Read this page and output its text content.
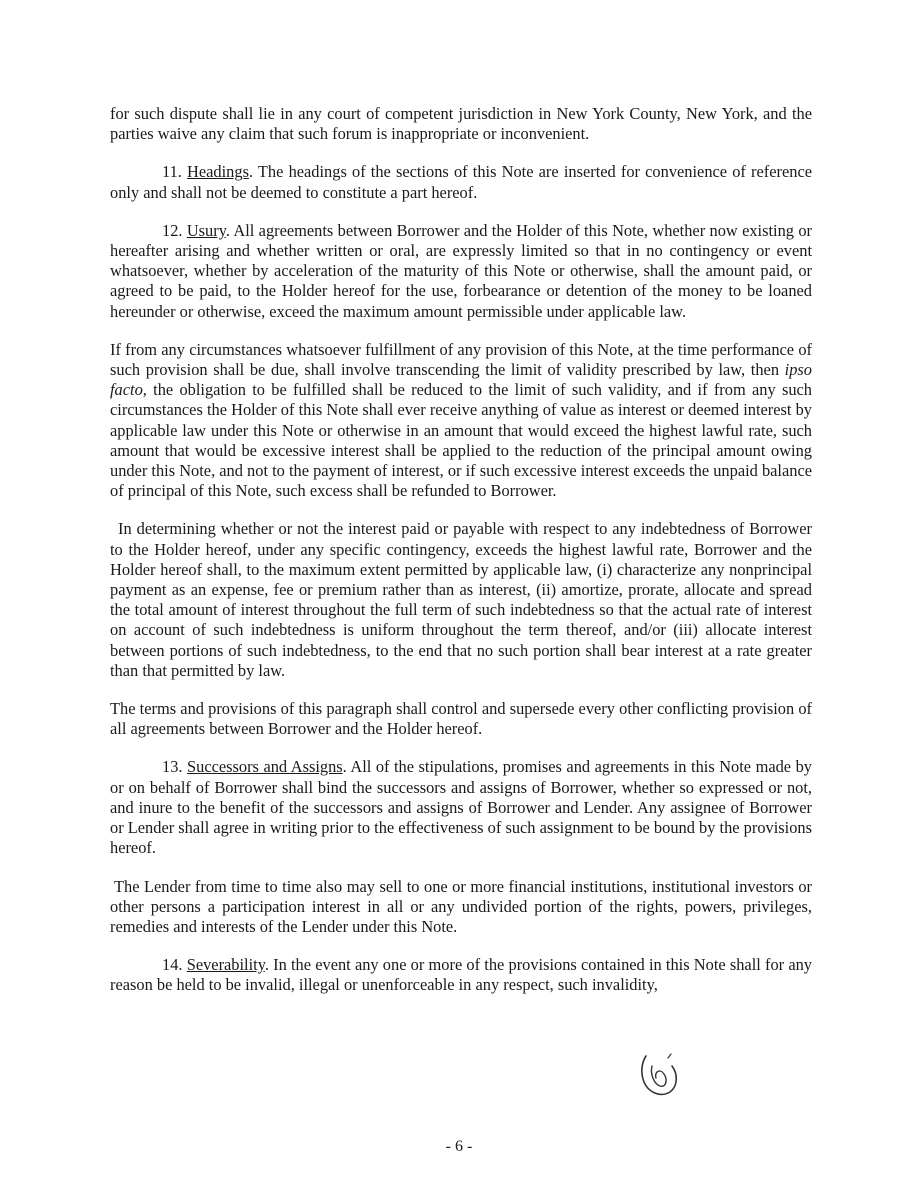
for such dispute shall lie in any court of competent jurisdiction in New York County, New York, and the parties waive any claim that such forum is inappropriate or inconvenient.

11. Headings. The headings of the sections of this Note are inserted for convenience of reference only and shall not be deemed to constitute a part hereof.

12. Usury. All agreements between Borrower and the Holder of this Note, whether now existing or hereafter arising and whether written or oral, are expressly limited so that in no contingency or event whatsoever, whether by acceleration of the maturity of this Note or otherwise, shall the amount paid, or agreed to be paid, to the Holder hereof for the use, forbearance or detention of the money to be loaned hereunder or otherwise, exceed the maximum amount permissible under applicable law.

If from any circumstances whatsoever fulfillment of any provision of this Note, at the time performance of such provision shall be due, shall involve transcending the limit of validity prescribed by law, then ipso facto, the obligation to be fulfilled shall be reduced to the limit of such validity, and if from any such circumstances the Holder of this Note shall ever receive anything of value as interest or deemed interest by applicable law under this Note or otherwise in an amount that would exceed the highest lawful rate, such amount that would be excessive interest shall be applied to the reduction of the principal amount owing under this Note, and not to the payment of interest, or if such excessive interest exceeds the unpaid balance of principal of this Note, such excess shall be refunded to Borrower.

In determining whether or not the interest paid or payable with respect to any indebtedness of Borrower to the Holder hereof, under any specific contingency, exceeds the highest lawful rate, Borrower and the Holder hereof shall, to the maximum extent permitted by applicable law, (i) characterize any nonprincipal payment as an expense, fee or premium rather than as interest, (ii) amortize, prorate, allocate and spread the total amount of interest throughout the full term of such indebtedness so that the actual rate of interest on account of such indebtedness is uniform throughout the term thereof, and/or (iii) allocate interest between portions of such indebtedness, to the end that no such portion shall bear interest at a rate greater than that permitted by law.

The terms and provisions of this paragraph shall control and supersede every other conflicting provision of all agreements between Borrower and the Holder hereof.

13. Successors and Assigns. All of the stipulations, promises and agreements in this Note made by or on behalf of Borrower shall bind the successors and assigns of Borrower, whether so expressed or not, and inure to the benefit of the successors and assigns of Borrower and Lender. Any assignee of Borrower or Lender shall agree in writing prior to the effectiveness of such assignment to be bound by the provisions hereof.

The Lender from time to time also may sell to one or more financial institutions, institutional investors or other persons a participation interest in all or any undivided portion of the rights, powers, privileges, remedies and interests of the Lender under this Note.

14. Severability. In the event any one or more of the provisions contained in this Note shall for any reason be held to be invalid, illegal or unenforceable in any respect, such invalidity,

- 6 -
